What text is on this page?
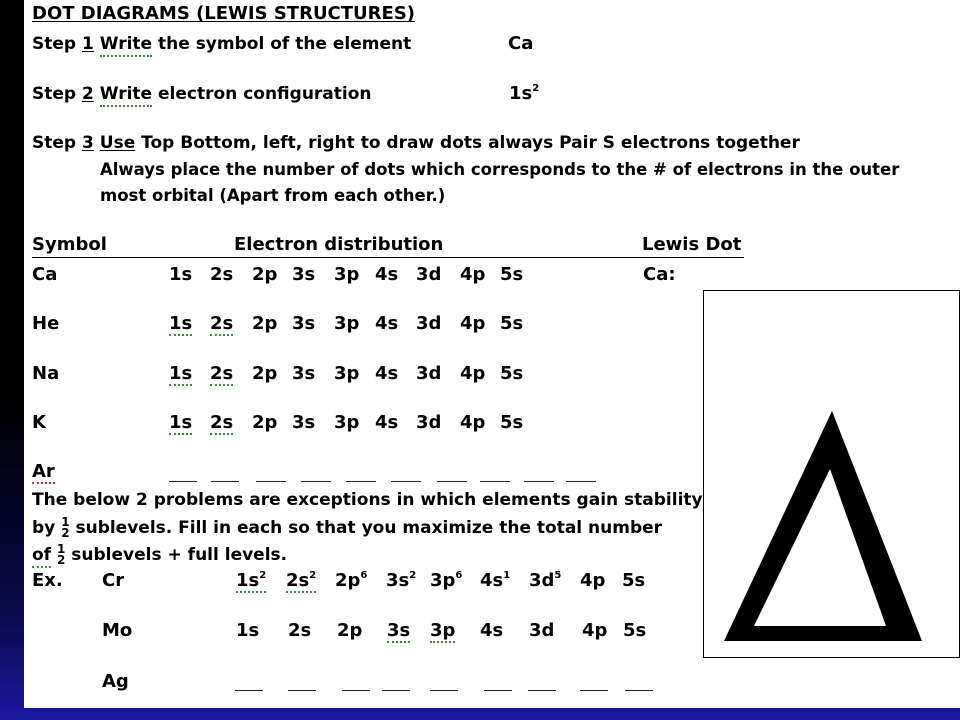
DOT DIAGRAMS (LEWIS STRUCTURES)
Step 1 Write the symbol of the element	Ca
Step 2 Write electron configuration	$1s^2$
Step 3 Use Top Bottom, left, right to draw dots always Pair S electrons together
Always place the number of dots which corresponds to the # of electrons in the outer
most orbital (Apart from each other.)
Symbol	Electron distribution	Lewis Dot
Ca	1s 2s 2p 3s 3p 4s 3d 4p 5s	Ca:
He	1s 2s 2p 3s 3p 4s 3d 4p 5s
Na	1s 2s 2p 3s 3p 4s 3d 4p 5s
K	1s 2s 2p 3s 3p 4s 3d 4p 5s
Ar
The below 2 problems are exceptions in which elements gain stability
by 1
2 sublevels. Fill in each so that you maximize the total number
of 1
2 sublevels + full levels.
Ex. Cr	$1s^2$ $2s^2$ $2p^6$ $3s^2$ $3p^6$ $4s^1$ $3d^5$ 4p 5s
Mo	1s 2s 2p 3s 3p 4s 3d 4p 5s
Ag
